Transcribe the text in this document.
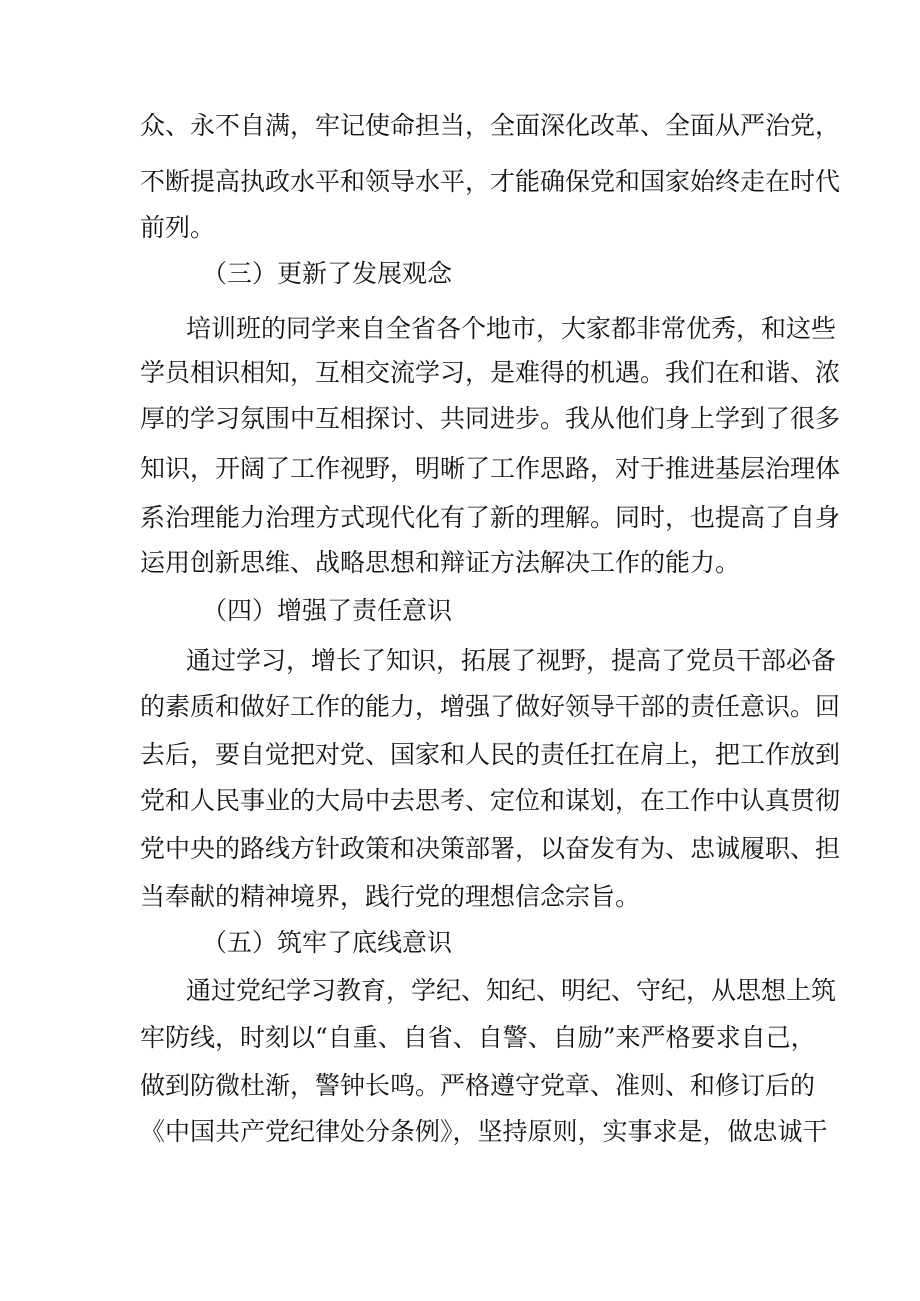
众、永不自满，牢记使命担当，全面深化改革、全面从严治党，
不断提高执政水平和领导水平，才能确保党和国家始终走在时代
前列。
（三）更新了发展观念
培训班的同学来自全省各个地市，大家都非常优秀，和这些
学员相识相知，互相交流学习，是难得的机遇。我们在和谐、浓
厚的学习氛围中互相探讨、共同进步。我从他们身上学到了很多
知识，开阔了工作视野，明晰了工作思路，对于推进基层治理体
系治理能力治理方式现代化有了新的理解。同时，也提高了自身
运用创新思维、战略思想和辩证方法解决工作的能力。
（四）增强了责任意识
通过学习，增长了知识，拓展了视野，提高了党员干部必备
的素质和做好工作的能力，增强了做好领导干部的责任意识。回
去后，要自觉把对党、国家和人民的责任扛在肩上，把工作放到
党和人民事业的大局中去思考、定位和谋划，在工作中认真贯彻
党中央的路线方针政策和决策部署，以奋发有为、忠诚履职、担
当奉献的精神境界，践行党的理想信念宗旨。
（五）筑牢了底线意识
通过党纪学习教育，学纪、知纪、明纪、守纪，从思想上筑
牢防线，时刻以“自重、自省、自警、自励”来严格要求自己，
做到防微杜渐，警钟长鸣。严格遵守党章、准则、和修订后的
《中国共产党纪律处分条例》，坚持原则，实事求是，做忠诚干
